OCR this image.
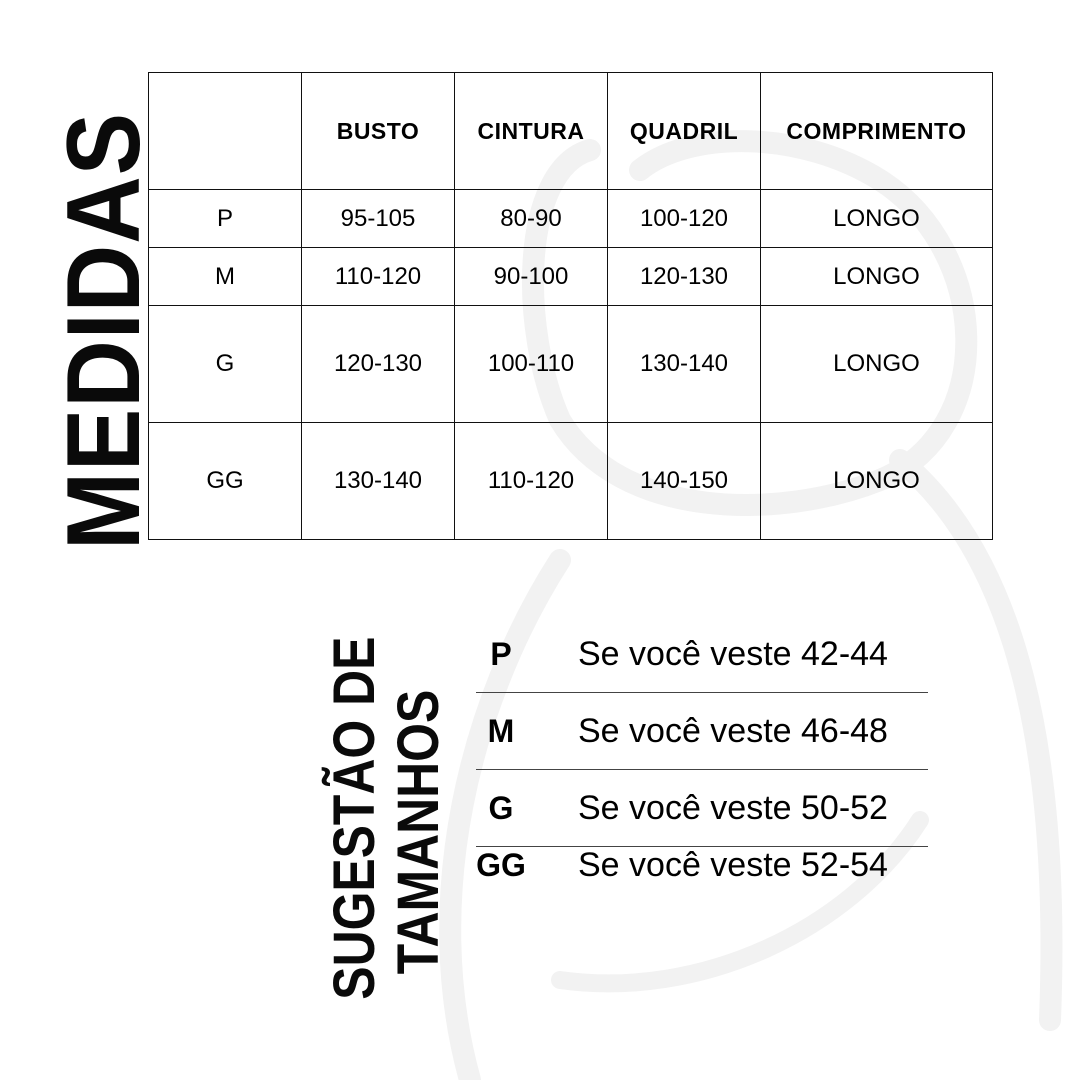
MEDIDAS
		BUSTO	CINTURA	QUADRIL	COMPRIMENTO
P	95-105	80-90	100-120	LONGO
M	110-120	90-100	120-130	LONGO
G	120-130	100-110	130-140	LONGO
GG	130-140	110-120	140-150	LONGO
SUGESTÃO DE TAMANHOS
P	Se você veste 42-44
M	Se você veste 46-48
G	Se você veste 50-52
GG Se você veste 52-54
